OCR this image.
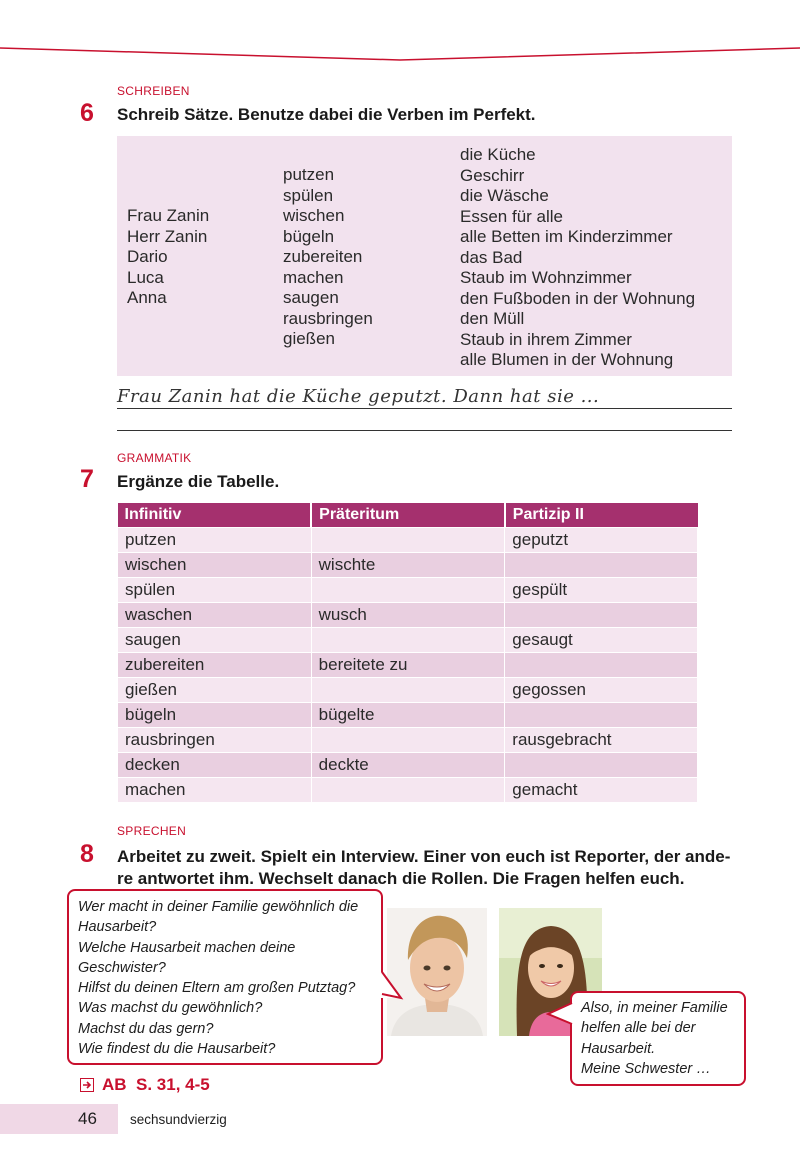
SCHREIBEN
6 Schreib Sätze. Benutze dabei die Verben im Perfekt.
Frau Zanin
Herr Zanin
Dario
Luca
Anna
putzen
spülen
wischen
bügeln
zubereiten
machen
saugen
rausbringen
gießen
die Küche
Geschirr
die Wäsche
Essen für alle
alle Betten im Kinderzimmer
das Bad
Staub im Wohnzimmer
den Fußboden in der Wohnung
den Müll
Staub in ihrem Zimmer
alle Blumen in der Wohnung
Frau Zanin hat die Küche geputzt. Dann hat sie ...
GRAMMATIK
7 Ergänze die Tabelle.
Infinitiv	Präteritum	Partizip II
putzen		geputzt
wischen	wischte	
spülen		gespült
waschen	wusch	
saugen		gesaugt
zubereiten	bereitete zu	
gießen		gegossen
bügeln	bügelte	
rausbringen		rausgebracht
decken	deckte	
machen		gemacht
SPRECHEN
8 Arbeitet zu zweit. Spielt ein Interview. Einer von euch ist Reporter, der ande-
re antwortet ihm. Wechselt danach die Rollen. Die Fragen helfen euch.
Wer macht in deiner Familie gewöhnlich die
Hausarbeit?
Welche Hausarbeit machen deine
Geschwister?
Hilfst du deinen Eltern am großen Putztag?
Was machst du gewöhnlich?
Machst du das gern?
Wie findest du die Hausarbeit?
Also, in meiner Familie
helfen alle bei der
Hausarbeit.
Meine Schwester …
AB  S. 31, 4-5
46 sechsundvierzig
